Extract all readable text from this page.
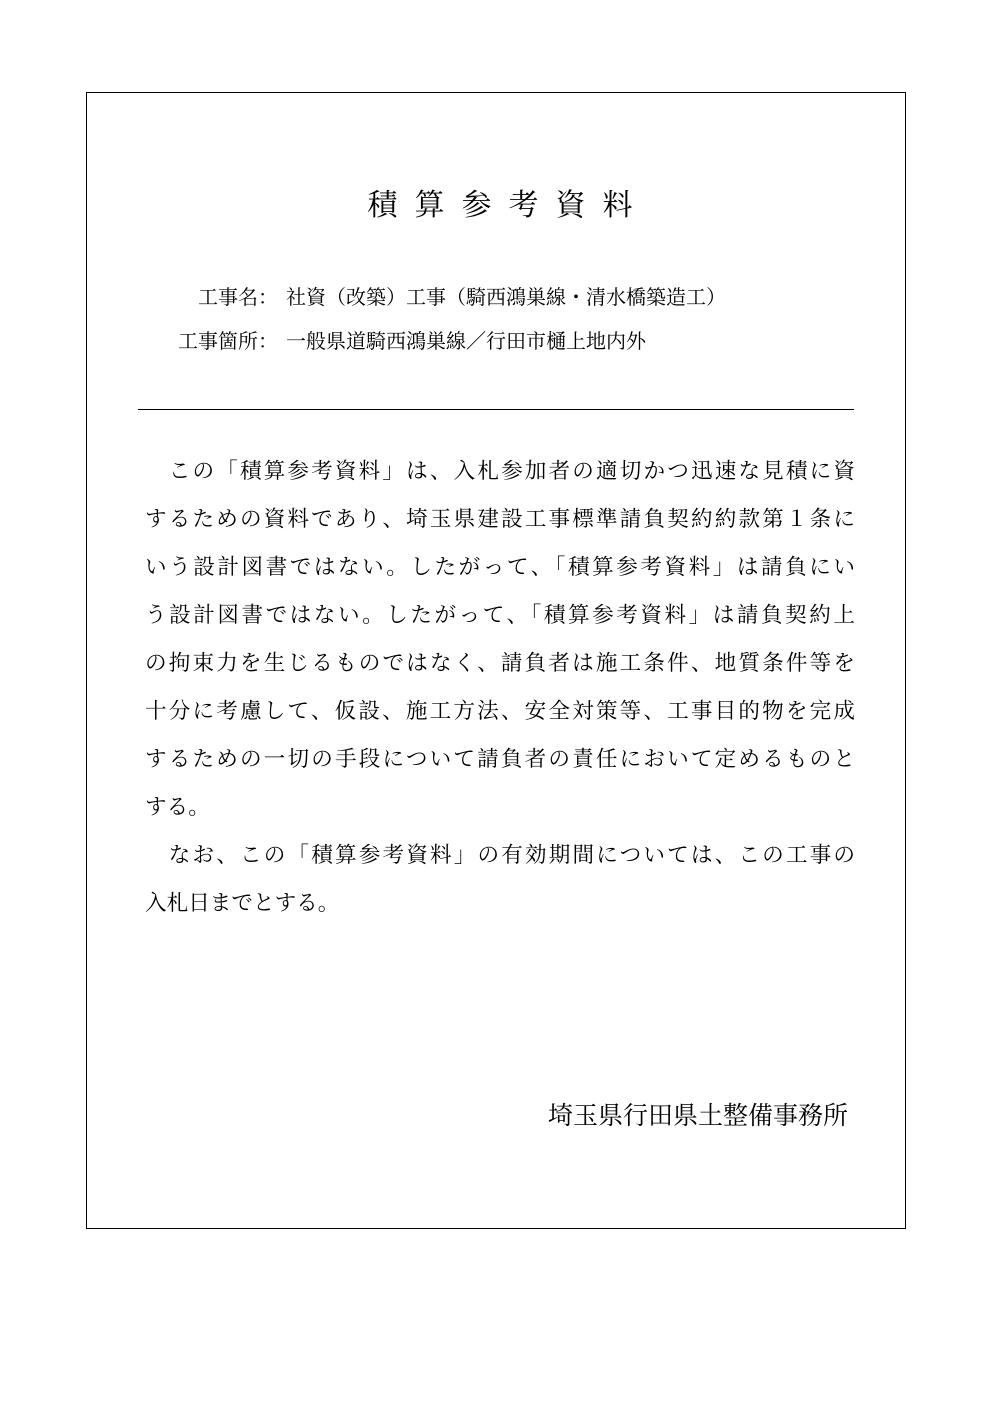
積算参考資料
工事名： 社資（改築）工事（騎西鴻巣線・清水橋築造工）
工事箇所： 一般県道騎西鴻巣線／行田市樋上地内外
　この「積算参考資料」は、入札参加者の適切かつ迅速な見積に資
するための資料であり、埼玉県建設工事標準請負契約約款第１条に
いう設計図書ではない。したがって、「積算参考資料」は請負にい
う設計図書ではない。したがって、「積算参考資料」は請負契約上
の拘束力を生じるものではなく、請負者は施工条件、地質条件等を
十分に考慮して、仮設、施工方法、安全対策等、工事目的物を完成
するための一切の手段について請負者の責任において定めるものと
する。
　なお、この「積算参考資料」の有効期間については、この工事の
入札日までとする。
埼玉県行田県土整備事務所
